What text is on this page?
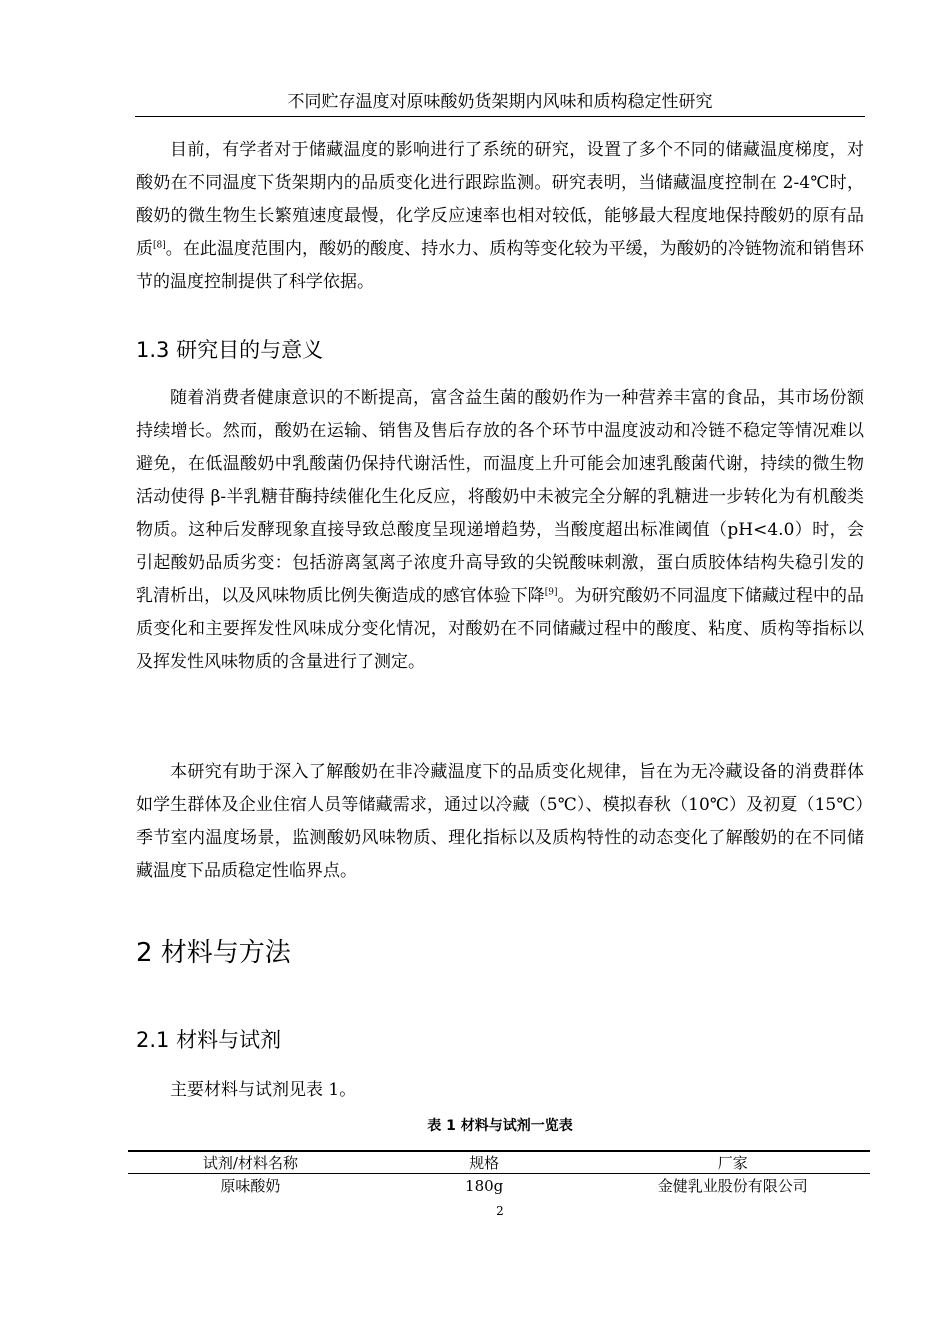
不同贮存温度对原味酸奶货架期内风味和质构稳定性研究

目前，有学者对于储藏温度的影响进行了系统的研究，设置了多个不同的储藏温度梯度，对酸奶在不同温度下货架期内的品质变化进行跟踪监测。研究表明，当储藏温度控制在 2-4℃时，酸奶的微生物生长繁殖速度最慢，化学反应速率也相对较低，能够最大程度地保持酸奶的原有品质[8]。在此温度范围内，酸奶的酸度、持水力、质构等变化较为平缓，为酸奶的冷链物流和销售环节的温度控制提供了科学依据。

1.3 研究目的与意义

随着消费者健康意识的不断提高，富含益生菌的酸奶作为一种营养丰富的食品，其市场份额持续增长。然而，酸奶在运输、销售及售后存放的各个环节中温度波动和冷链不稳定等情况难以避免，在低温酸奶中乳酸菌仍保持代谢活性，而温度上升可能会加速乳酸菌代谢，持续的微生物活动使得 β-半乳糖苷酶持续催化生化反应，将酸奶中未被完全分解的乳糖进一步转化为有机酸类物质。这种后发酵现象直接导致总酸度呈现递增趋势，当酸度超出标准阈值（pH<4.0）时，会引起酸奶品质劣变：包括游离氢离子浓度升高导致的尖锐酸味刺激，蛋白质胶体结构失稳引发的乳清析出，以及风味物质比例失衡造成的感官体验下降[9]。为研究酸奶不同温度下储藏过程中的品质变化和主要挥发性风味成分变化情况，对酸奶在不同储藏过程中的酸度、粘度、质构等指标以及挥发性风味物质的含量进行了测定。

本研究有助于深入了解酸奶在非冷藏温度下的品质变化规律，旨在为无冷藏设备的消费群体如学生群体及企业住宿人员等储藏需求，通过以冷藏（5℃）、模拟春秋（10℃）及初夏（15℃）季节室内温度场景，监测酸奶风味物质、理化指标以及质构特性的动态变化了解酸奶的在不同储藏温度下品质稳定性临界点。

2 材料与方法
2.1 材料与试剂

主要材料与试剂见表 1。

表 1 材料与试剂一览表
试剂/材料名称	规格	厂家
原味酸奶	180g	金健乳业股份有限公司
2
